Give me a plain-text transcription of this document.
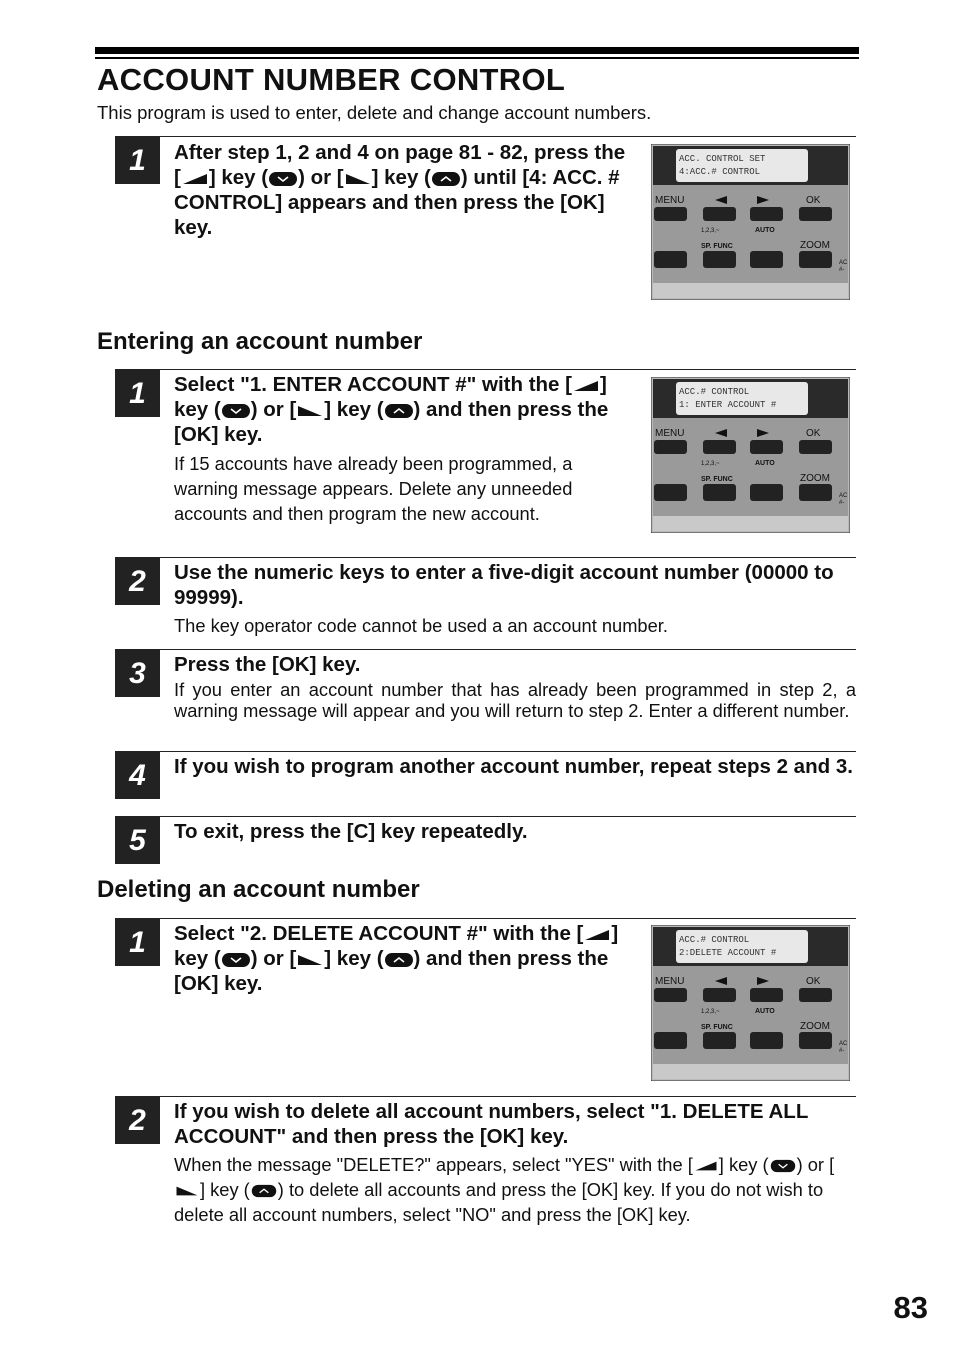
ACCOUNT NUMBER CONTROL
This program is used to enter, delete and change account numbers.
1	After step 1, 2 and 4 on page 81 - 82, press the [ ] key ( ) or [ ] key ( ) until [4: ACC. # CONTROL] appears and then press the [OK] key.
ACC. CONTROL SET
4:ACC.# CONTROL
MENU	OK
1,2,3,~	AUTO
SP. FUNC	ZOOM
AC
#-
Entering an account number
1	Select "1. ENTER ACCOUNT #" with the [ ] key ( ) or [ ] key ( ) and then press the [OK] key.
If 15 accounts have already been programmed, a warning message appears. Delete any unneeded accounts and then program the new account.
ACC.# CONTROL
1: ENTER ACCOUNT #
MENU	OK
1,2,3,~	AUTO
SP. FUNC	ZOOM
AC
#-
2	Use the numeric keys to enter a five-digit account number (00000 to 99999).
The key operator code cannot be used a an account number.
3	Press the [OK] key.
If you enter an account number that has already been programmed in step 2, a warning message will appear and you will return to step 2. Enter a different number.
4	If you wish to program another account number, repeat steps 2 and 3.
5	To exit, press the [C] key repeatedly.
Deleting an account number
1	Select "2. DELETE ACCOUNT #" with the [ ] key ( ) or [ ] key ( ) and then press the [OK] key.
ACC.# CONTROL
2:DELETE ACCOUNT #
MENU	OK
1,2,3,~	AUTO
SP. FUNC	ZOOM
AC
#-
2	If you wish to delete all account numbers, select "1. DELETE ALL ACCOUNT" and then press the [OK] key.
When the message "DELETE?" appears, select "YES" with the [ ] key ( ) or [
] key ( ) to delete all accounts and press the [OK] key. If you do not wish to delete all account numbers, select "NO" and press the [OK] key.
83
